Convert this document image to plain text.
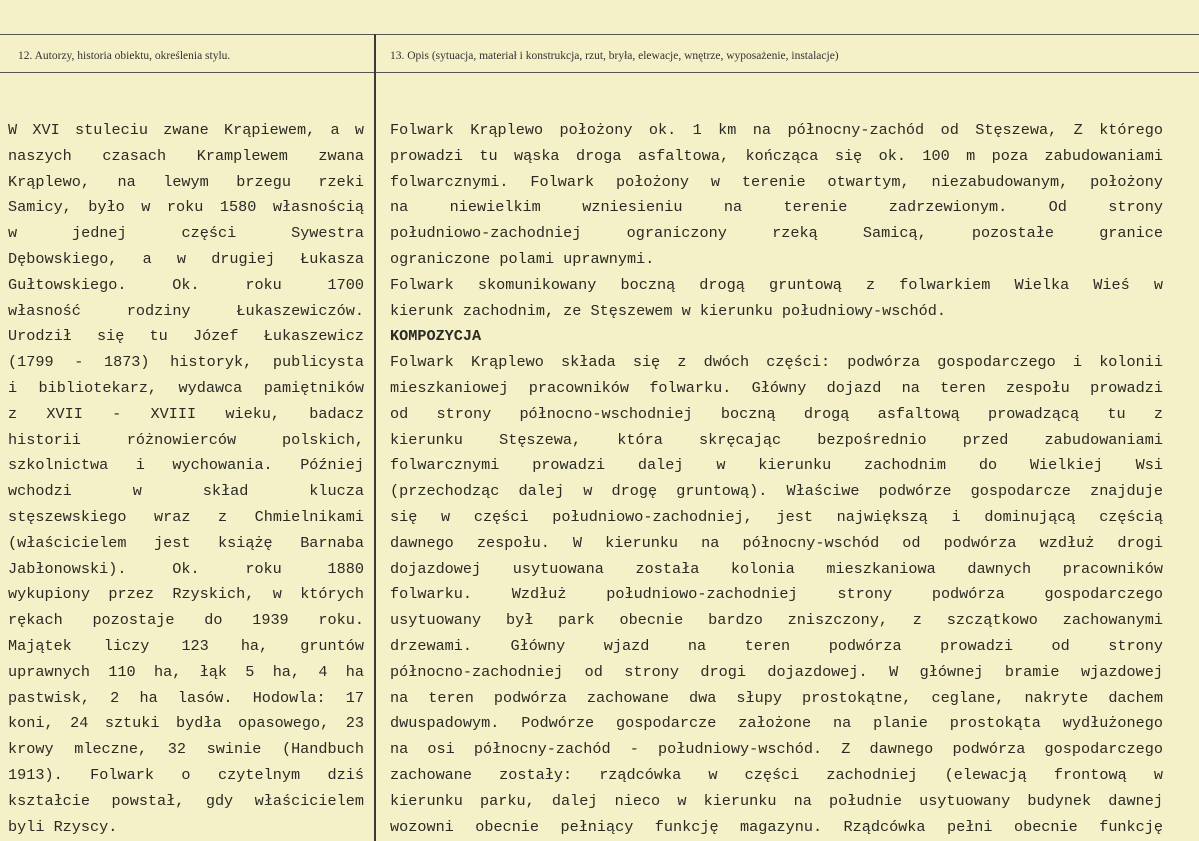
12. Autorzy, historia obiektu, określenia stylu.	13. Opis (sytuacja, materiał i konstrukcja, rzut, bryła, elewacje, wnętrze, wyposażenie, instalacje)
W XVI stuleciu zwane Krąpiewem, a w
naszych czasach Kramplewem zwana
Krąplewo, na lewym brzegu rzeki
Samicy, było w roku 1580 własnością
w jednej części Sywestra
Dębowskiego, a w drugiej Łukasza
Gułtowskiego. Ok. roku 1700
własność rodziny Łukaszewiczów.
Urodził się tu Józef Łukaszewicz
(1799 - 1873) historyk, publicysta
i bibliotekarz, wydawca pamiętników
z XVII - XVIII wieku, badacz
historii różnowierców polskich,
szkolnictwa i wychowania. Później
wchodzi w skład klucza
stęszewskiego wraz z Chmielnikami
(właścicielem jest książę Barnaba
Jabłonowski). Ok. roku 1880
wykupiony przez Rzyskich, w których
rękach pozostaje do 1939 roku.
Majątek liczy 123 ha, gruntów
uprawnych 110 ha, łąk 5 ha, 4 ha
pastwisk, 2 ha lasów. Hodowla: 17
koni, 24 sztuki bydła opasowego, 23
krowy mleczne, 32 swinie (Handbuch
1913). Folwark o czytelnym dziś
kształcie powstał, gdy właścicielem
byli Rzyscy.
Folwark Krąplewo położony ok. 1 km na północny-zachód od Stęszewa, Z którego
prowadzi tu wąska droga asfaltowa, kończąca się ok. 100 m poza zabudowaniami
folwarcznymi. Folwark położony w terenie otwartym, niezabudowanym, położony
na niewielkim wzniesieniu na terenie zadrzewionym. Od strony
południowo-zachodniej ograniczony rzeką Samicą, pozostałe granice
ograniczone polami uprawnymi.
Folwark skomunikowany boczną drogą gruntową z folwarkiem Wielka Wieś w
kierunk zachodnim, ze Stęszewem w kierunku południowy-wschód.
KOMPOZYCJA
Folwark Krąplewo składa się z dwóch części: podwórza gospodarczego i kolonii
mieszkaniowej pracowników folwarku. Główny dojazd na teren zespołu prowadzi
od strony północno-wschodniej boczną drogą asfaltową prowadzącą tu z
kierunku Stęszewa, która skręcając bezpośrednio przed zabudowaniami
folwarcznymi prowadzi dalej w kierunku zachodnim do Wielkiej Wsi
(przechodząc dalej w drogę gruntową). Właściwe podwórze gospodarcze znajduje
się w części południowo-zachodniej, jest największą i dominującą częścią
dawnego zespołu. W kierunku na północny-wschód od podwórza wzdłuż drogi
dojazdowej usytuowana została kolonia mieszkaniowa dawnych pracowników
folwarku. Wzdłuż południowo-zachodniej strony podwórza gospodarczego
usytuowany był park obecnie bardzo zniszczony, z szczątkowo zachowanymi
drzewami. Główny wjazd na teren podwórza prowadzi od strony
północno-zachodniej od strony drogi dojazdowej. W głównej bramie wjazdowej
na teren podwórza zachowane dwa słupy prostokątne, ceglane, nakryte dachem
dwuspadowym. Podwórze gospodarcze założone na planie prostokąta wydłużonego
na osi północny-zachód - południowy-wschód. Z dawnego podwórza gospodarczego
zachowane zostały: rządcówka w części zachodniej (elewacją frontową w
kierunku parku, dalej nieco w kierunku na południe usytuowany budynek dawnej
wozowni obecnie pełniący funkcję magazynu. Rządcówka pełni obecnie funkcję
